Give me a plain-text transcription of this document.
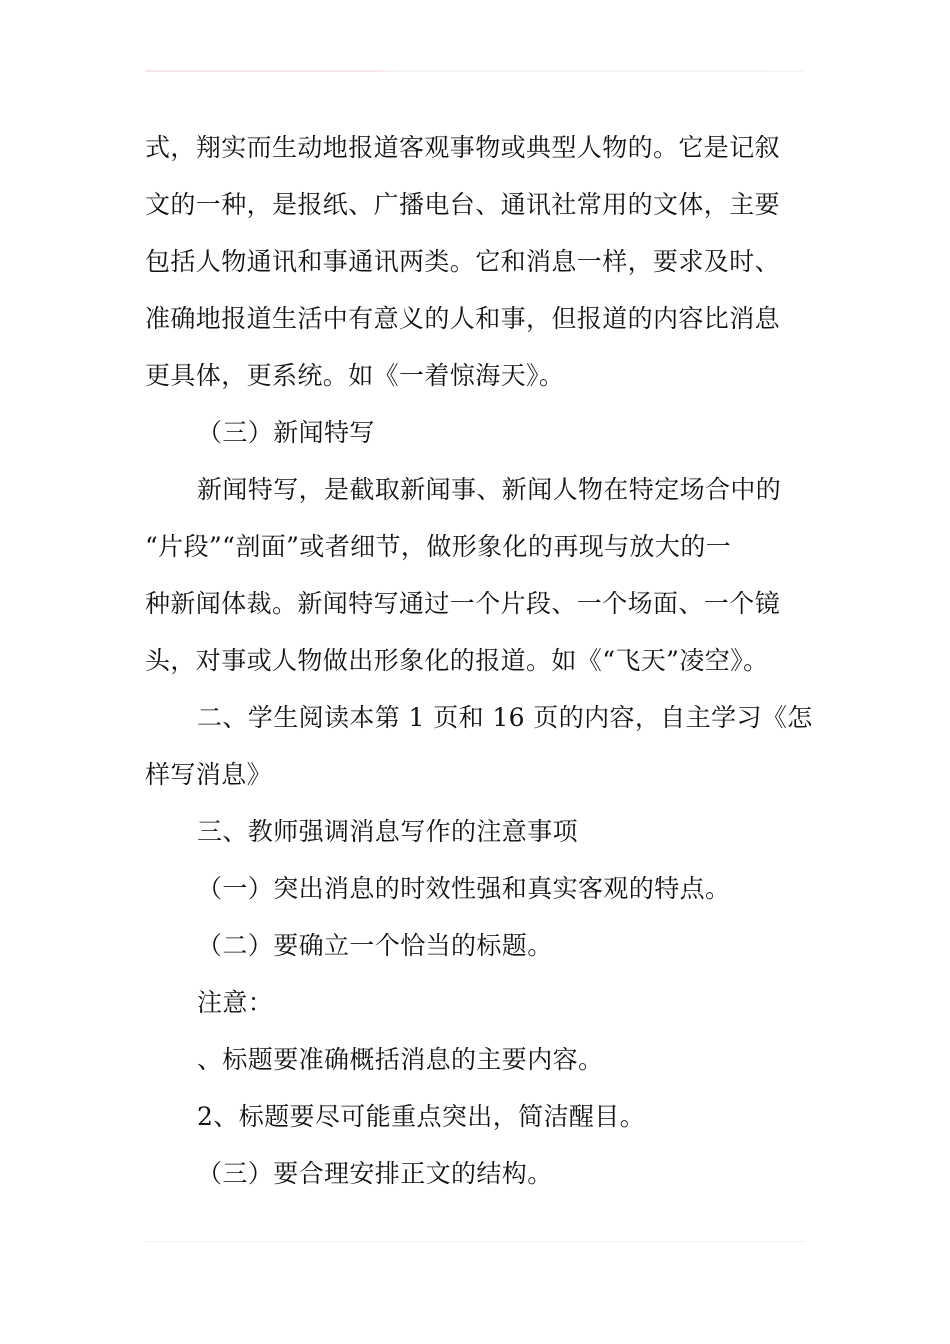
式，翔实而生动地报道客观事物或典型人物的。它是记叙
文的一种，是报纸、广播电台、通讯社常用的文体，主要
包括人物通讯和事通讯两类。它和消息一样，要求及时、
准确地报道生活中有意义的人和事，但报道的内容比消息
更具体，更系统。如《一着惊海天》。
（三）新闻特写
新闻特写，是截取新闻事、新闻人物在特定场合中的
“片段”“剖面”或者细节，做形象化的再现与放大的一
种新闻体裁。新闻特写通过一个片段、一个场面、一个镜
头，对事或人物做出形象化的报道。如《“飞天”凌空》。
二、学生阅读本第 1 页和 16 页的内容，自主学习《怎
样写消息》
三、教师强调消息写作的注意事项
（一）突出消息的时效性强和真实客观的特点。
（二）要确立一个恰当的标题。
注意：
、标题要准确概括消息的主要内容。
2、标题要尽可能重点突出，简洁醒目。
（三）要合理安排正文的结构。
